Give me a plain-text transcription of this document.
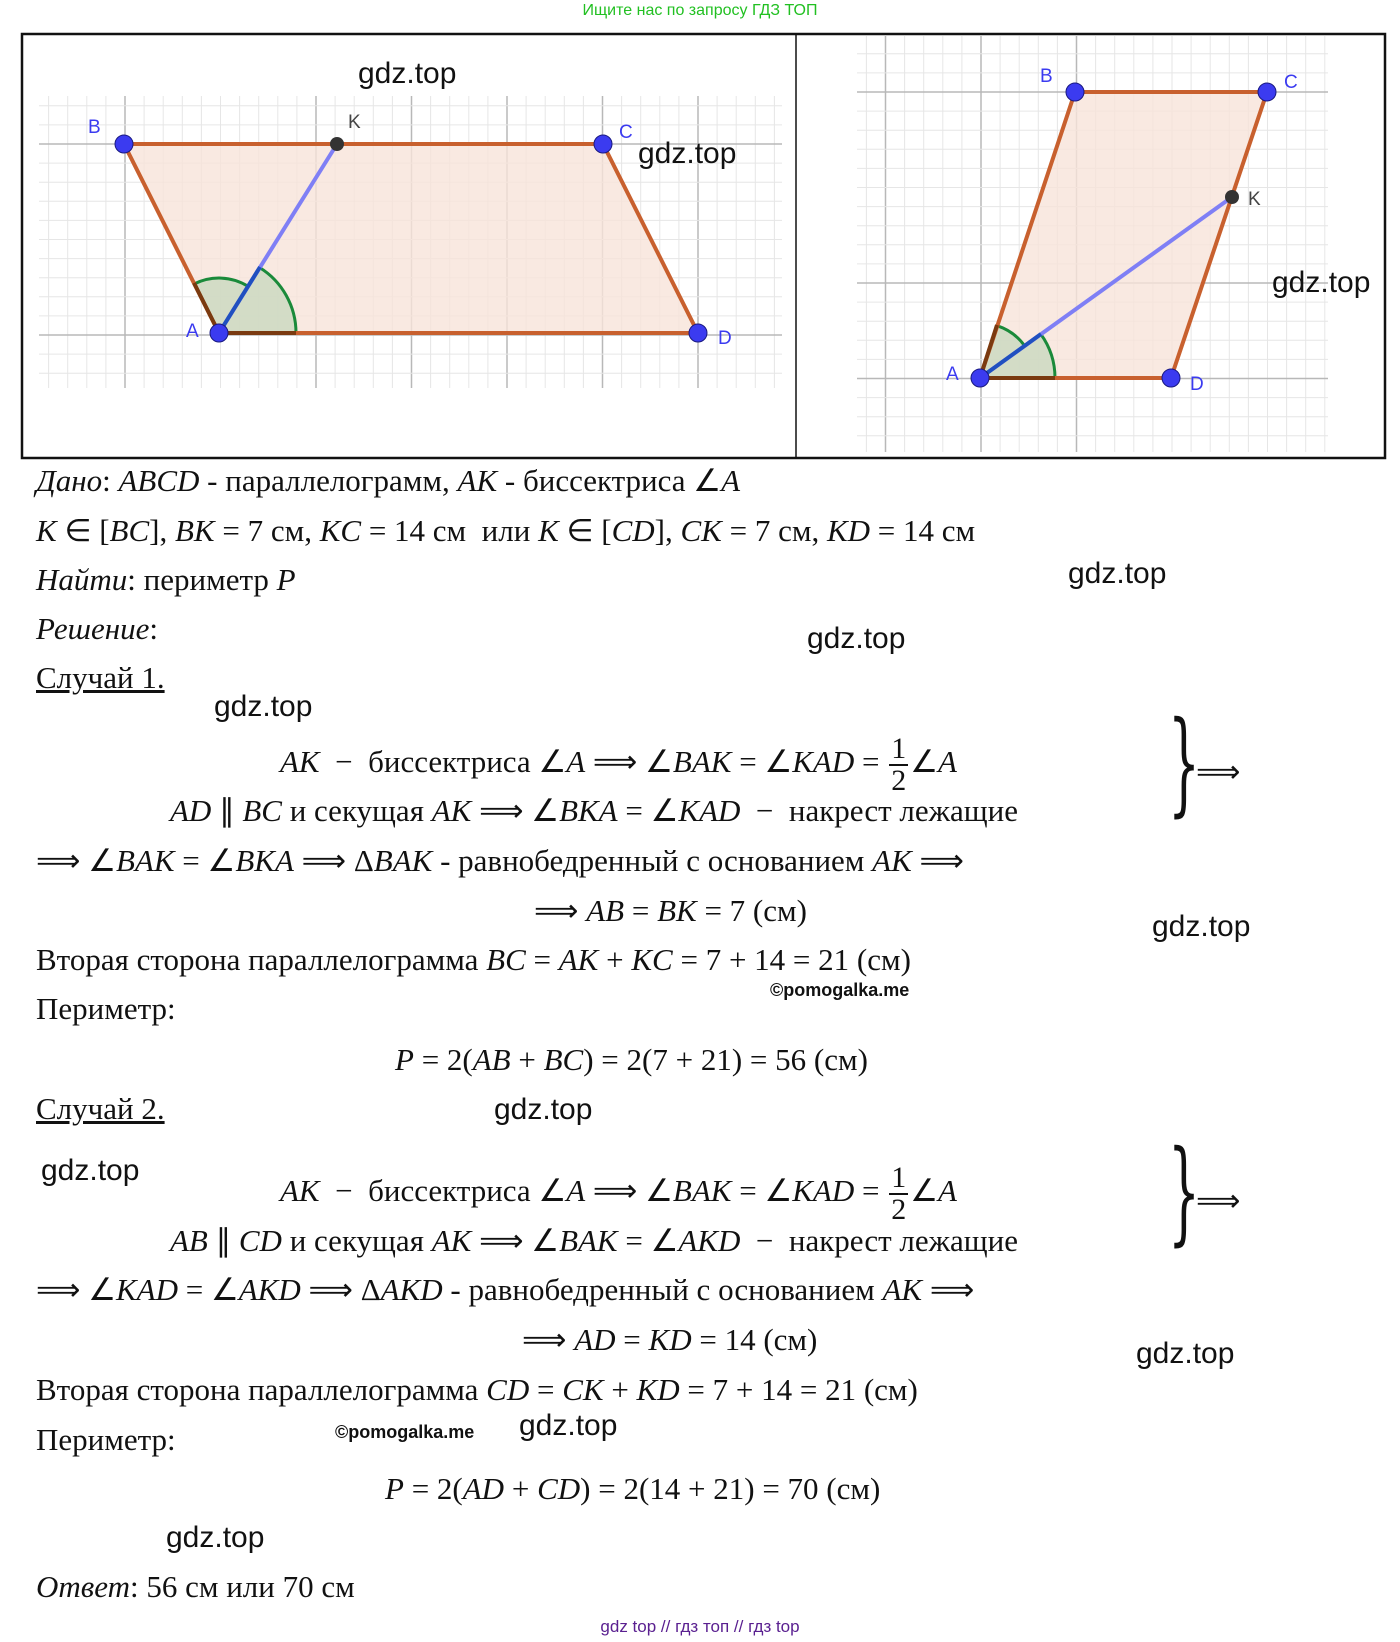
Ищите нас по запросу ГДЗ ТОП
B	K	C
A	D
B	C
K
A	D
Дано: ABCD - параллелограмм, AK - биссектриса ∠A
K ∈ [BC], BK = 7 см, KC = 14 см  или K ∈ [CD], CK = 7 см, KD = 14 см
Найти: периметр P
Решение:
Случай 1.
AK  −  биссектриса ∠A ⟹ ∠BAK = ∠KAD = $\frac{1}{2}$ ∠A
AD ∥ BC и секущая AK ⟹ ∠BKA = ∠KAD  −  накрест лежащие
⟹ ∠BAK = ∠BKA ⟹ ΔBAK - равнобедренный с основанием AK ⟹
⟹ AB = BK = 7 (см)
Вторая сторона параллелограмма BC = AK + KC = 7 + 14 = 21 (см)
Периметр:
P = 2(AB + BC) = 2(7 + 21) = 56 (см)
Случай 2.
AK  −  биссектриса ∠A ⟹ ∠BAK = ∠KAD = $\frac{1}{2}$ ∠A
AB ∥ CD и секущая AK ⟹ ∠BAK = ∠AKD  −  накрест лежащие
⟹ ∠KAD = ∠AKD ⟹ ΔAKD - равнобедренный с основанием AK ⟹
⟹ AD = KD = 14 (см)
Вторая сторона параллелограмма CD = CK + KD = 7 + 14 = 21 (см)
Периметр:
P = 2(AD + CD) = 2(14 + 21) = 70 (см)
Ответ: 56 см или 70 см
}
⟹
}
⟹
gdz.top
gdz.top
gdz.top
gdz.top
gdz.top
gdz.top
gdz.top
gdz.top
gdz.top
gdz.top
gdz.top
gdz.top
©pomogalka.me
©pomogalka.me
gdz top // гдз топ // гдз top
